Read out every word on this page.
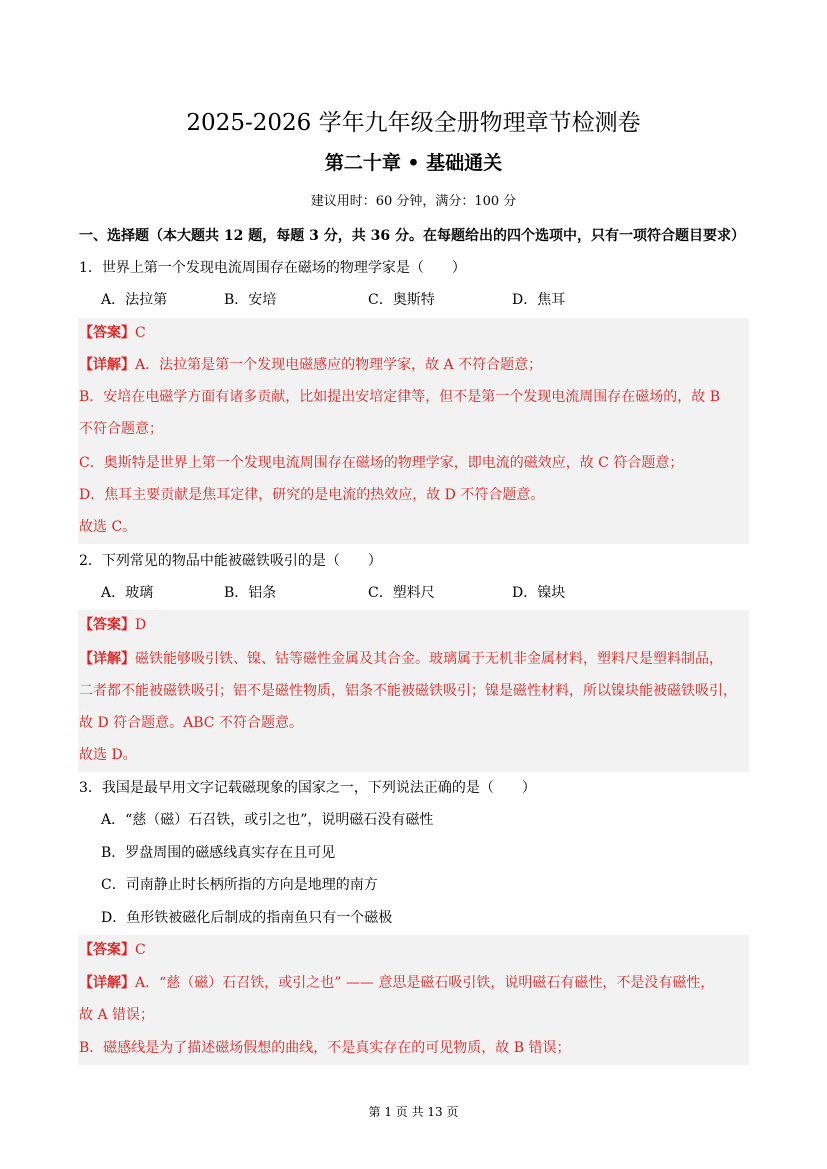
2025-2026 学年九年级全册物理章节检测卷
第二十章 • 基础通关
建议用时：60 分钟，满分：100 分
一、选择题（本大题共 12 题，每题 3 分，共 36 分。在每题给出的四个选项中，只有一项符合题目要求）
1．世界上第一个发现电流周围存在磁场的物理学家是（　　）
A．法拉第	B．安培	C．奥斯特	D．焦耳
【答案】C
【详解】A．法拉第是第一个发现电磁感应的物理学家，故 A 不符合题意；
B．安培在电磁学方面有诸多贡献，比如提出安培定律等，但不是第一个发现电流周围存在磁场的，故 B
不符合题意；
C．奥斯特是世界上第一个发现电流周围存在磁场的物理学家，即电流的磁效应，故 C 符合题意；
D．焦耳主要贡献是焦耳定律，研究的是电流的热效应，故 D 不符合题意。
故选 C。
2．下列常见的物品中能被磁铁吸引的是（　　）
A．玻璃	B．铝条	C．塑料尺	D．镍块
【答案】D
【详解】磁铁能够吸引铁、镍、钴等磁性金属及其合金。玻璃属于无机非金属材料，塑料尺是塑料制品，
二者都不能被磁铁吸引；铝不是磁性物质，铝条不能被磁铁吸引；镍是磁性材料，所以镍块能被磁铁吸引，
故 D 符合题意。ABC 不符合题意。
故选 D。
3．我国是最早用文字记载磁现象的国家之一，下列说法正确的是（　　）
A．“慈（磁）石召铁，或引之也”，说明磁石没有磁性
B．罗盘周围的磁感线真实存在且可见
C．司南静止时长柄所指的方向是地理的南方
D．鱼形铁被磁化后制成的指南鱼只有一个磁极
【答案】C
【详解】A．“慈（磁）石召铁，或引之也” —— 意思是磁石吸引铁，说明磁石有磁性，不是没有磁性，
故 A 错误；
B．磁感线是为了描述磁场假想的曲线，不是真实存在的可见物质，故 B 错误；
第 1 页 共 13 页
